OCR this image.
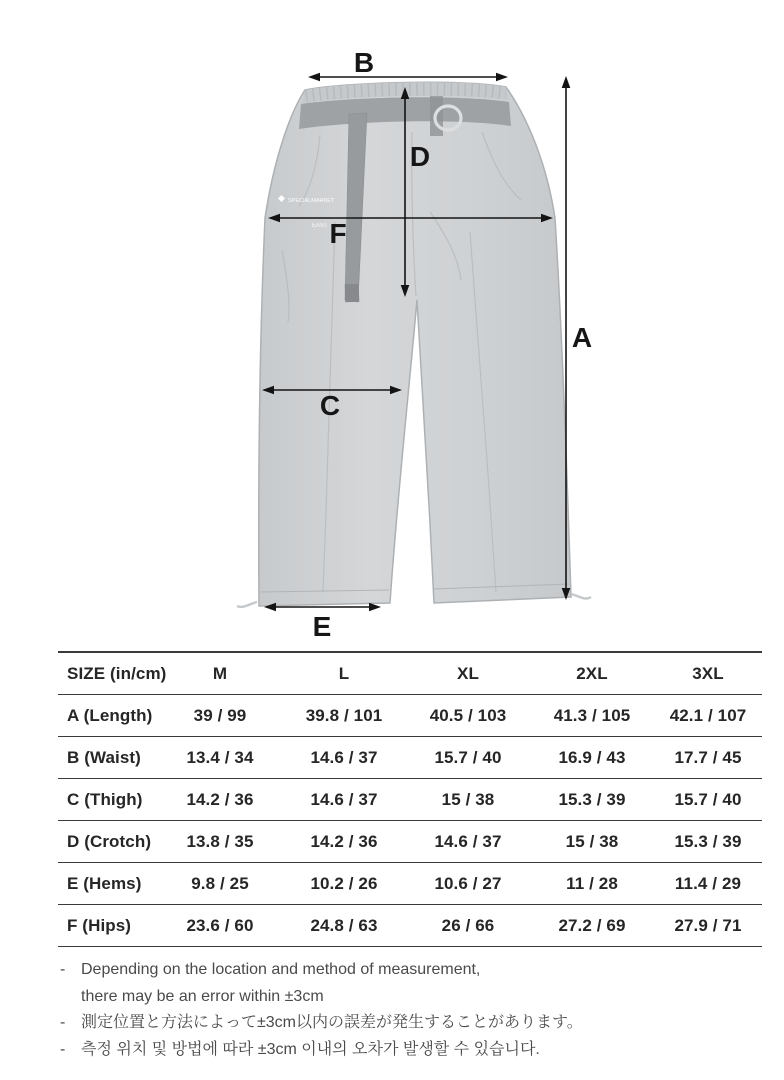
SPECIALMARKET
EAST
B
D
F
A
C
E
SIZE (in/cm)	M	L	XL	2XL	3XL
A (Length)	39 / 99	39.8 / 101	40.5 / 103	41.3 / 105	42.1 / 107
B (Waist)	13.4 / 34	14.6 / 37	15.7 / 40	16.9 / 43	17.7 / 45
C (Thigh)	14.2 / 36	14.6 / 37	15 / 38	15.3 / 39	15.7 / 40
D (Crotch)	13.8 / 35	14.2 / 36	14.6 / 37	15 / 38	15.3 / 39
E (Hems)	9.8 / 25	10.2 / 26	10.6 / 27	11 / 28	11.4 / 29
F (Hips)	23.6 / 60	24.8 / 63	26 / 66	27.2 / 69	27.9 / 71
- Depending on the location and method of measurement,
there may be an error within ±3cm
- 測定位置と方法によって±3cm以内の誤差が発生することがあります。
- 측정 위치 및 방법에 따라 ±3cm 이내의 오차가 발생할 수 있습니다.
